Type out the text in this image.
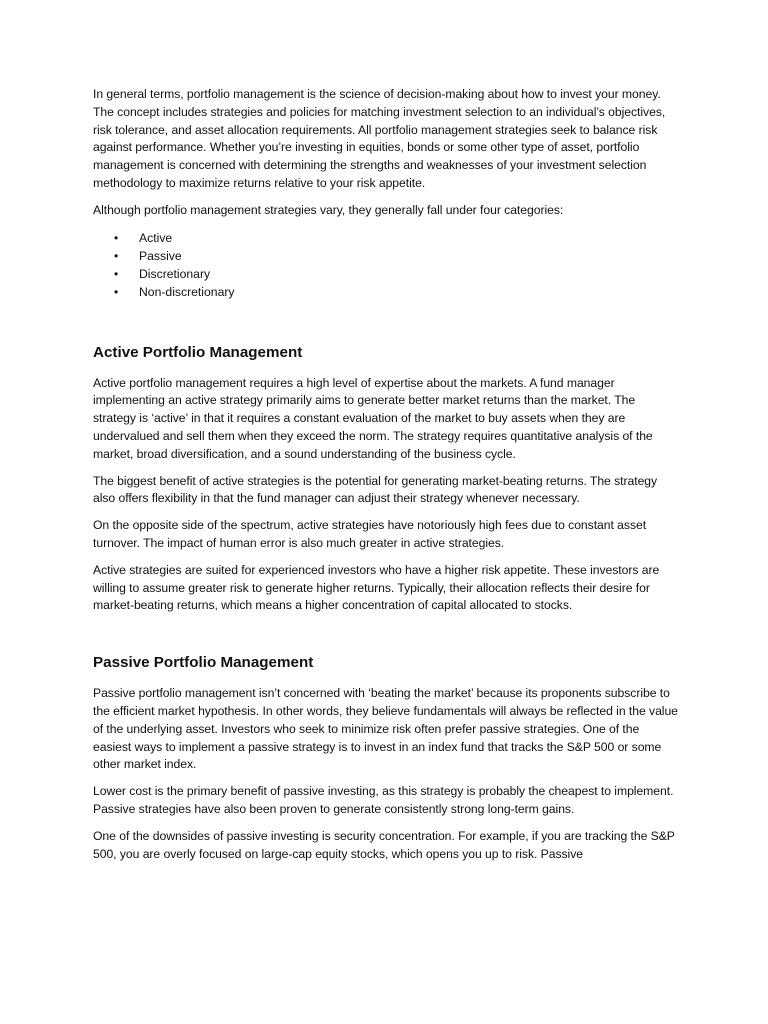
In general terms, portfolio management is the science of decision-making about how to invest your money. The concept includes strategies and policies for matching investment selection to an individual’s objectives, risk tolerance, and asset allocation requirements. All portfolio management strategies seek to balance risk against performance. Whether you’re investing in equities, bonds or some other type of asset, portfolio management is concerned with determining the strengths and weaknesses of your investment selection methodology to maximize returns relative to your risk appetite.

Although portfolio management strategies vary, they generally fall under four categories:

• Active
• Passive
• Discretionary
• Non-discretionary
Active Portfolio Management

Active portfolio management requires a high level of expertise about the markets. A fund manager implementing an active strategy primarily aims to generate better market returns than the market. The strategy is ‘active’ in that it requires a constant evaluation of the market to buy assets when they are undervalued and sell them when they exceed the norm. The strategy requires quantitative analysis of the market, broad diversification, and a sound understanding of the business cycle.

The biggest benefit of active strategies is the potential for generating market-beating returns. The strategy also offers flexibility in that the fund manager can adjust their strategy whenever necessary.

On the opposite side of the spectrum, active strategies have notoriously high fees due to constant asset turnover. The impact of human error is also much greater in active strategies.

Active strategies are suited for experienced investors who have a higher risk appetite. These investors are willing to assume greater risk to generate higher returns. Typically, their allocation reflects their desire for market-beating returns, which means a higher concentration of capital allocated to stocks.

Passive Portfolio Management

Passive portfolio management isn’t concerned with ‘beating the market’ because its proponents subscribe to the efficient market hypothesis. In other words, they believe fundamentals will always be reflected in the value of the underlying asset. Investors who seek to minimize risk often prefer passive strategies. One of the easiest ways to implement a passive strategy is to invest in an index fund that tracks the S&P 500 or some other market index.

Lower cost is the primary benefit of passive investing, as this strategy is probably the cheapest to implement. Passive strategies have also been proven to generate consistently strong long-term gains.

One of the downsides of passive investing is security concentration. For example, if you are tracking the S&P 500, you are overly focused on large-cap equity stocks, which opens you up to risk. Passive
